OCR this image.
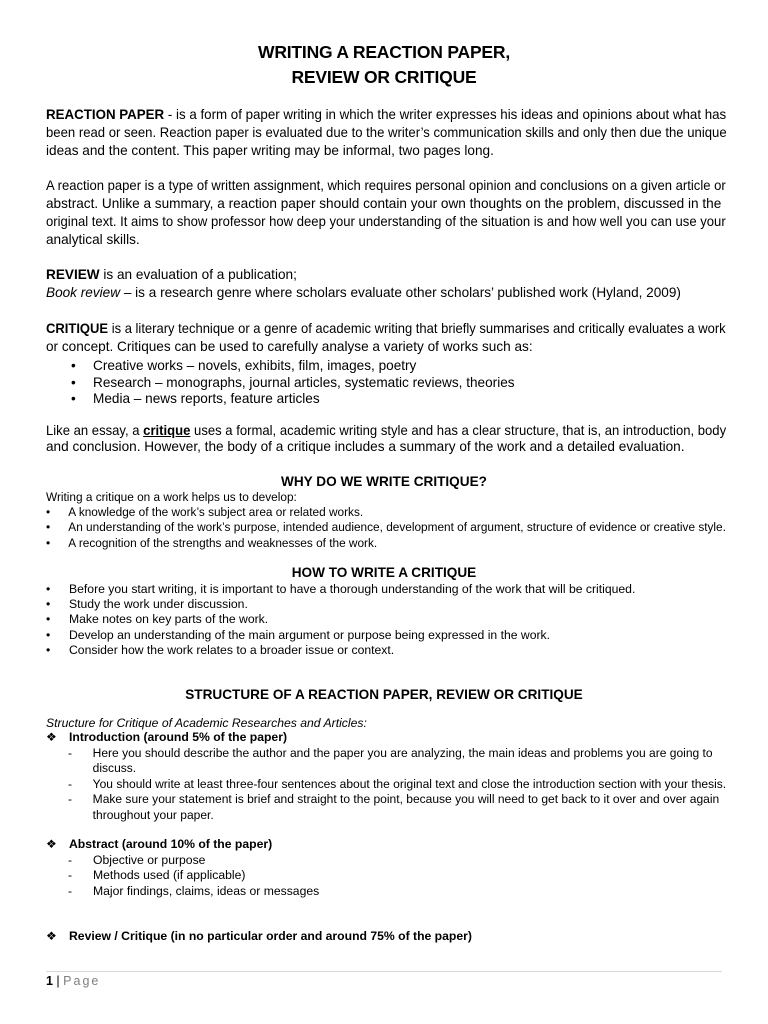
WRITING A REACTION PAPER,
REVIEW OR CRITIQUE
REACTION PAPER - is a form of paper writing in which the writer expresses his ideas and opinions about what has
been read or seen. Reaction paper is evaluated due to the writer’s communication skills and only then due the unique
ideas and the content. This paper writing may be informal, two pages long.
A reaction paper is a type of written assignment, which requires personal opinion and conclusions on a given article or
abstract. Unlike a summary, a reaction paper should contain your own thoughts on the problem, discussed in the
original text. It aims to show professor how deep your understanding of the situation is and how well you can use your
analytical skills.
REVIEW is an evaluation of a publication;
Book review – is a research genre where scholars evaluate other scholars’ published work (Hyland, 2009)
CRITIQUE is a literary technique or a genre of academic writing that briefly summarises and critically evaluates a work
or concept. Critiques can be used to carefully analyse a variety of works such as:
• Creative works – novels, exhibits, film, images, poetry
• Research – monographs, journal articles, systematic reviews, theories
• Media – news reports, feature articles
Like an essay, a critique uses a formal, academic writing style and has a clear structure, that is, an introduction, body
and conclusion. However, the body of a critique includes a summary of the work and a detailed evaluation.
WHY DO WE WRITE CRITIQUE?
Writing a critique on a work helps us to develop:
• A knowledge of the work’s subject area or related works.
• An understanding of the work’s purpose, intended audience, development of argument, structure of evidence or creative style.
• A recognition of the strengths and weaknesses of the work.
HOW TO WRITE A CRITIQUE
• Before you start writing, it is important to have a thorough understanding of the work that will be critiqued.
• Study the work under discussion.
• Make notes on key parts of the work.
• Develop an understanding of the main argument or purpose being expressed in the work.
• Consider how the work relates to a broader issue or context.
STRUCTURE OF A REACTION PAPER, REVIEW OR CRITIQUE
Structure for Critique of Academic Researches and Articles:
❖ Introduction (around 5% of the paper)
- Here you should describe the author and the paper you are analyzing, the main ideas and problems you are going to
discuss.
- You should write at least three-four sentences about the original text and close the introduction section with your thesis.
- Make sure your statement is brief and straight to the point, because you will need to get back to it over and over again
throughout your paper.
❖ Abstract (around 10% of the paper)
- Objective or purpose
- Methods used (if applicable)
- Major findings, claims, ideas or messages
❖ Review / Critique (in no particular order and around 75% of the paper)
1 | Page
